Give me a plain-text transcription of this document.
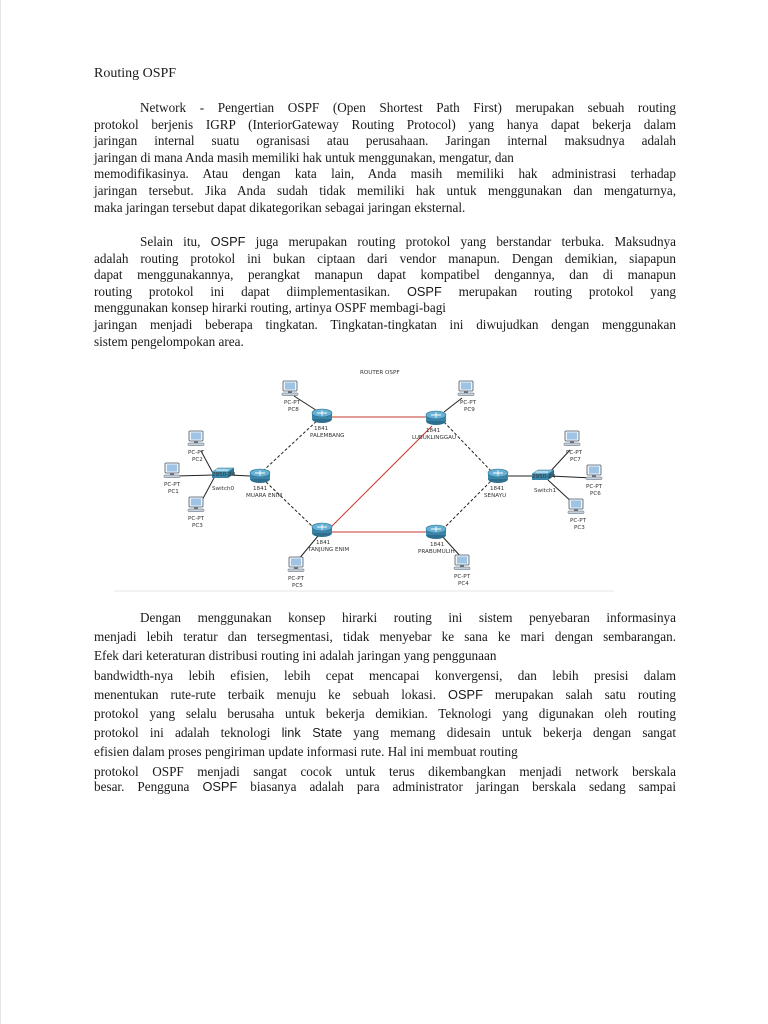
Routing OSPF
Network - Pengertian OSPF (Open Shortest Path First) merupakan sebuah routing
protokol berjenis IGRP (InteriorGateway Routing Protocol) yang hanya dapat bekerja dalam
jaringan internal suatu ogranisasi atau perusahaan. Jaringan internal maksudnya adalah
jaringan di mana Anda masih memiliki hak untuk menggunakan, mengatur, dan
memodifikasinya. Atau dengan kata lain, Anda masih memiliki hak administrasi terhadap
jaringan tersebut. Jika Anda sudah tidak memiliki hak untuk menggunakan dan mengaturnya,
maka jaringan tersebut dapat dikategorikan sebagai jaringan eksternal.
Selain itu, OSPF juga merupakan routing protokol yang berstandar terbuka. Maksudnya
adalah routing protokol ini bukan ciptaan dari vendor manapun. Dengan demikian, siapapun
dapat menggunakannya, perangkat manapun dapat kompatibel dengannya, dan di manapun
routing protokol ini dapat diimplementasikan. OSPF merupakan routing protokol yang
menggunakan konsep hirarki routing, artinya OSPF membagi-bagi
jaringan menjadi beberapa tingkatan. Tingkatan-tingkatan ini diwujudkan dengan menggunakan
sistem pengelompokan area.
ROUTER OSPF
1841
PALEMBANG
1841
LUBUKLINGGAU
1841
MUARA ENIM
1841
SENAYU
1841
TANJUNG ENIM
1841
PRABUMULIH
2950-24
Switch0
2950-24
Switch1
PC-PT
PC8
PC-PT
PC9
PC-PT
PC2
PC-PT
PC1
PC-PT
PC3
PC-PT
PC7
PC-PT
PC6
PC-PT
PC3
PC-PT
PC5
PC-PT
PC4
Dengan menggunakan konsep hirarki routing ini sistem penyebaran informasinya
menjadi lebih teratur dan tersegmentasi, tidak menyebar ke sana ke mari dengan sembarangan.
Efek dari keteraturan distribusi routing ini adalah jaringan yang penggunaan
bandwidth-nya lebih efisien, lebih cepat mencapai konvergensi, dan lebih presisi dalam
menentukan rute-rute terbaik menuju ke sebuah lokasi. OSPF merupakan salah satu routing
protokol yang selalu berusaha untuk bekerja demikian. Teknologi yang digunakan oleh routing
protokol ini adalah teknologi link State yang memang didesain untuk bekerja dengan sangat
efisien dalam proses pengiriman update informasi rute. Hal ini membuat routing
protokol OSPF menjadi sangat cocok untuk terus dikembangkan menjadi network berskala
besar. Pengguna OSPF biasanya adalah para administrator jaringan berskala sedang sampai
